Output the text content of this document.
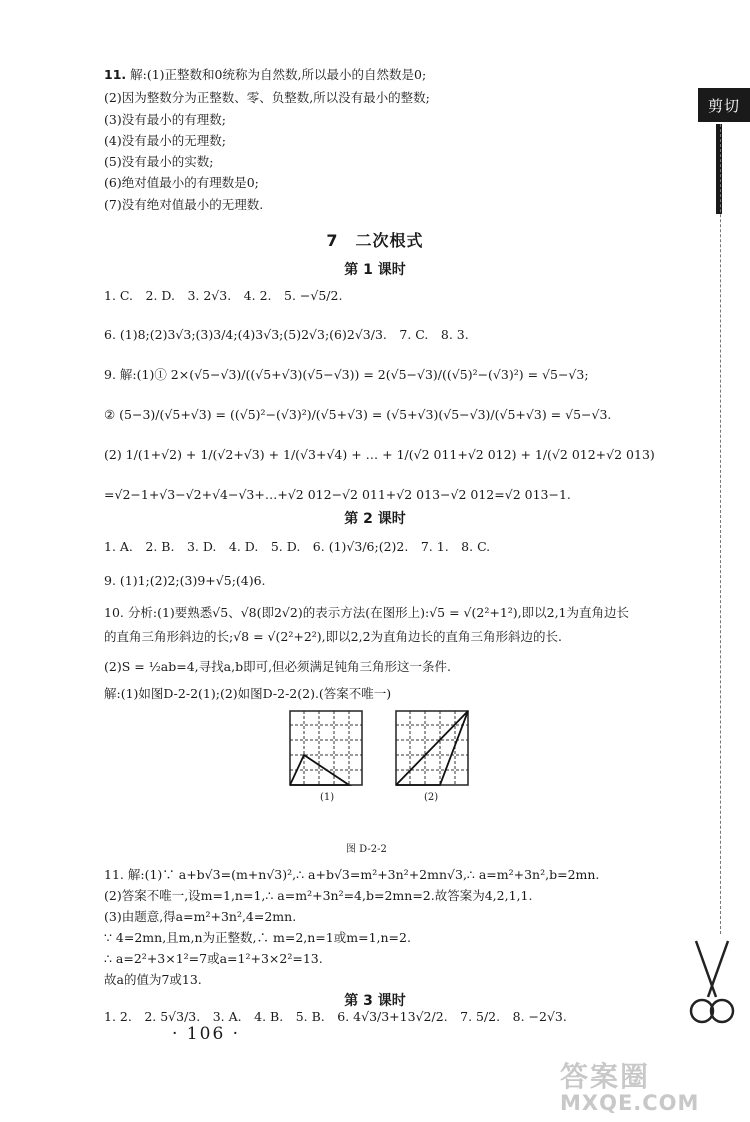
剪切
11. 解:(1)正整数和0统称为自然数,所以最小的自然数是0;
(2)因为整数分为正整数、零、负整数,所以没有最小的整数;
(3)没有最小的有理数;
(4)没有最小的无理数;
(5)没有最小的实数;
(6)绝对值最小的有理数是0;
(7)没有绝对值最小的无理数.
7　二次根式
第 1 课时
1. C.　2. D.　3. 2√3.　4. 2.　5. −√5/2.
6. (1)8;(2)3√3;(3)3/4;(4)3√3;(5)2√3;(6)2√3/3.　7. C.　8. 3.
9. 解:(1)① 2×(√5−√3)/((√5+√3)(√5−√3)) = 2(√5−√3)/((√5)²−(√3)²) = √5−√3;
② (5−3)/(√5+√3) = ((√5)²−(√3)²)/(√5+√3) = (√5+√3)(√5−√3)/(√5+√3) = √5−√3.
(2) 1/(1+√2) + 1/(√2+√3) + 1/(√3+√4) + … + 1/(√2 011+√2 012) + 1/(√2 012+√2 013)
=√2−1+√3−√2+√4−√3+…+√2 012−√2 011+√2 013−√2 012=√2 013−1.
第 2 课时
1. A.　2. B.　3. D.　4. D.　5. D.　6. (1)√3/6;(2)2.　7. 1.　8. C.
9. (1)1;(2)2;(3)9+√5;(4)6.
10. 分析:(1)要熟悉√5、√8(即2√2)的表示方法(在图形上):√5 = √(2²+1²),即以2,1为直角边长
的直角三角形斜边的长;√8 = √(2²+2²),即以2,2为直角边长的直角三角形斜边的长.
(2)S = ½ab=4,寻找a,b即可,但必须满足钝角三角形这一条件.
解:(1)如图D-2-2(1);(2)如图D-2-2(2).(答案不唯一)
(1)	(2)
图 D-2-2
11. 解:(1)∵ a+b√3=(m+n√3)²,∴ a+b√3=m²+3n²+2mn√3,∴ a=m²+3n²,b=2mn.
(2)答案不唯一,设m=1,n=1,∴ a=m²+3n²=4,b=2mn=2.故答案为4,2,1,1.
(3)由题意,得a=m²+3n²,4=2mn.
∵ 4=2mn,且m,n为正整数,∴ m=2,n=1或m=1,n=2.
∴ a=2²+3×1²=7或a=1²+3×2²=13.
故a的值为7或13.
第 3 课时
1. 2.　2. 5√3/3.　3. A.　4. B.　5. B.　6. 4√3/3+13√2/2.　7. 5/2.　8. −2√3.
· 106 ·
答案圈
MXQE.COM
